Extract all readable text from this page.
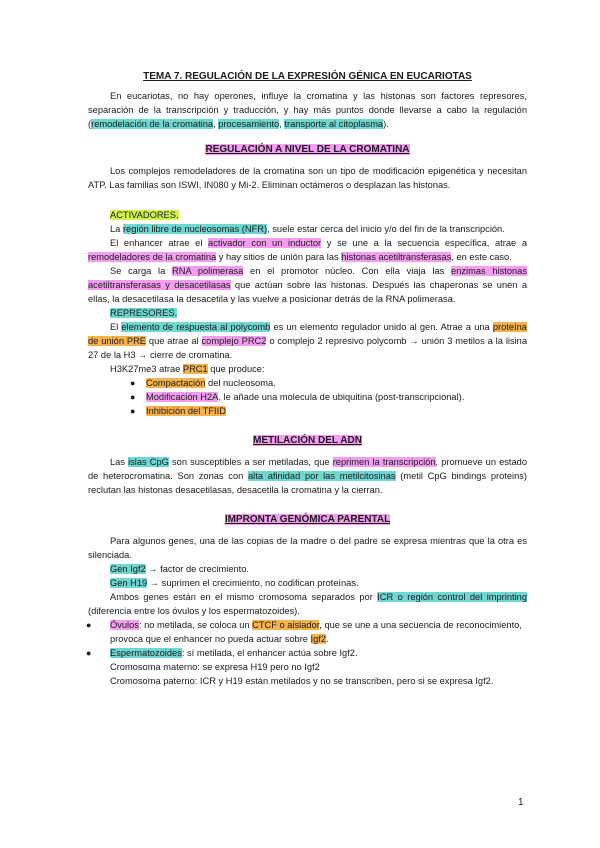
TEMA 7. REGULACIÓN DE LA EXPRESIÓN GÉNICA EN EUCARIOTAS

En eucariotas, no hay operones, influye la cromatina y las histonas son factores represores, separación de la transcripción y traducción, y hay más puntos donde llevarse a cabo la regulación (remodelación de la cromatina, procesamiento, transporte al citoplasma).

REGULACIÓN A NIVEL DE LA CROMATINA

Los complejos remodeladores de la cromatina son un tipo de modificación epigenética y necesitan ATP. Las familias son ISWI, IN080 y Mi-2. Eliminan octámeros o desplazan las histonas.

ACTIVADORES.

La región libre de nucleosomas (NFR), suele estar cerca del inicio y/o del fin de la transcripción.

El enhancer atrae el activador con un inductor y se une a la secuencia específica, atrae a remodeladores de la cromatina y hay sitios de unión para las histonas acetiltransferasas, en este caso.

Se carga la RNA polimerasa en el promotor núcleo. Con ella viaja las enzimas histonas acetiltransferasas y desacetilasas que actúan sobre las histonas. Después las chaperonas se unen a ellas, la desacetilasa la desacetila y las vuelve a posicionar detrás de la RNA polimerasa.

REPRESORES.

El elemento de respuesta al polycomb es un elemento regulador unido al gen. Atrae a una proteína de unión PRE que atrae al complejo PRC2 o complejo 2 represivo polycomb → unión 3 metilos a la lisina 27 de la H3 → cierre de cromatina.

H3K27me3 atrae PRC1 que produce:

● Compactación del nucleosoma.
● Modificación H2A, le añade una molecula de ubiquitina (post-transcripcional).
● Inhibición del TFIID

METILACIÓN DEL ADN

Las islas CpG son susceptibles a ser metiladas, que reprimen la transcripción, promueve un estado de heterocromatina. Son zonas con alta afinidad por las metilcitosinas (metil CpG bindings proteins) reclutan las histonas desacetilasas, desacetila la cromatina y la cierran.

IMPRONTA GENÓMICA PARENTAL

Para algunos genes, una de las copias de la madre o del padre se expresa mientras que la otra es silenciada.

Gen Igf2 → factor de crecimiento.

Gen H19 → suprimen el crecimiento, no codifican proteínas.

Ambos genes están en el mismo cromosoma separados por ICR o región control del imprinting (diferencia entre los óvulos y los espermatozoides).

● Óvulos: no metilada, se coloca un CTCF o aislador, que se une a una secuencia de reconocimiento, provoca que el enhancer no pueda actuar sobre Igf2.
● Espermatozoides: sí metilada, el enhancer actúa sobre Igf2.

Cromosoma materno: se expresa H19 pero no Igf2

Cromosoma paterno: ICR y H19 están metilados y no se transcriben, pero si se expresa Igf2.

1
